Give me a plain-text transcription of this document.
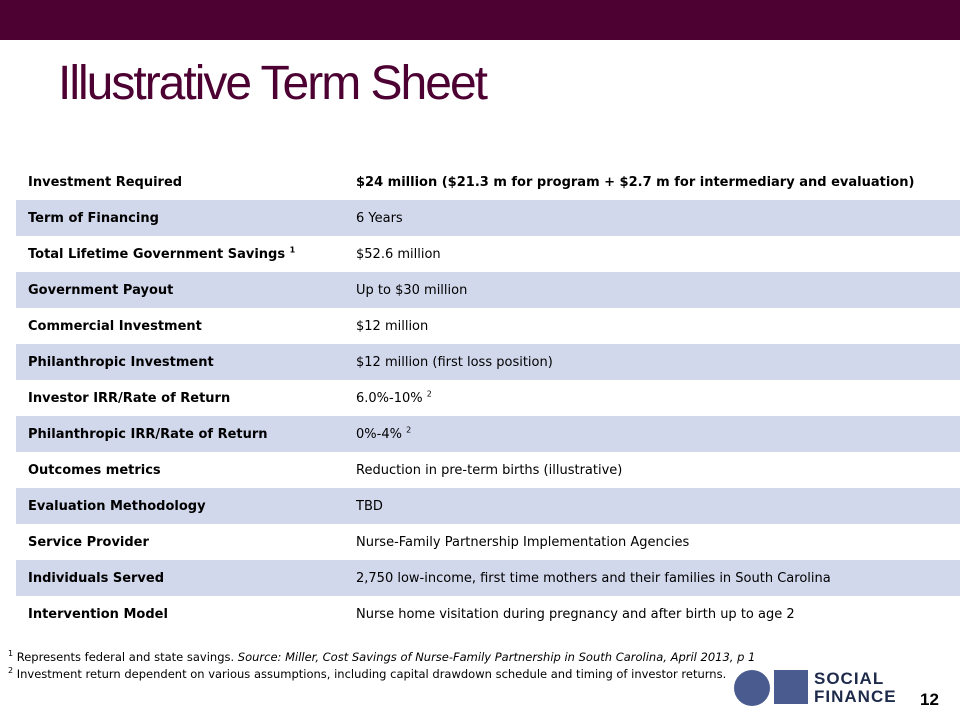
Illustrative Term Sheet
Investment Required	$24 million ($21.3 m for program + $2.7 m for intermediary and evaluation)
Term of Financing	6 Years
Total Lifetime Government Savings $^1$	$52.6 million
Government Payout	Up to $30 million
Commercial Investment	$12 million
Philanthropic Investment	$12 million (first loss position)
Investor IRR/Rate of Return	6.0%-10% $^2$
Philanthropic IRR/Rate of Return	0%-4% $^2$
Outcomes metrics	Reduction in pre-term births (illustrative)
Evaluation Methodology	TBD
Service Provider	Nurse-Family Partnership Implementation Agencies
Individuals Served	2,750 low-income, first time mothers and their families in South Carolina
Intervention Model	Nurse home visitation during pregnancy and after birth up to age 2

$^1$ Represents federal and state savings. Source: Miller, Cost Savings of Nurse-Family Partnership in South Carolina, April 2013, p 1

$^2$ Investment return dependent on various assumptions, including capital drawdown schedule and timing of investor returns.	SOCIAL
FINANCE 12
